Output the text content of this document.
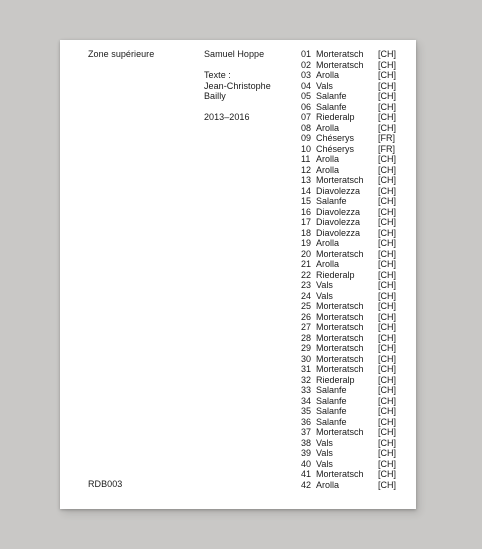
Zone supérieure	Samuel Hoppe
Texte :
Jean-Christophe
Bailly
2013–2016
01 Morteratsch [CH]
02 Morteratsch [CH]
03 Arolla	[CH]
04 Vals	[CH]
05 Salanfe	[CH]
06 Salanfe	[CH]
07 Riederalp	[CH]
08 Arolla	[CH]
09 Chéserys	[FR]
10 Chéserys	[FR]
11 Arolla	[CH]
12 Arolla	[CH]
13 Morteratsch [CH]
14 Diavolezza [CH]
15 Salanfe	[CH]
16 Diavolezza [CH]
17 Diavolezza [CH]
18 Diavolezza [CH]
19 Arolla	[CH]
20 Morteratsch [CH]
21 Arolla	[CH]
22 Riederalp	[CH]
23 Vals	[CH]
24 Vals	[CH]
25 Morteratsch [CH]
26 Morteratsch [CH]
27 Morteratsch [CH]
28 Morteratsch [CH]
29 Morteratsch [CH]
30 Morteratsch [CH]
31 Morteratsch [CH]
32 Riederalp	[CH]
33 Salanfe	[CH]
34 Salanfe	[CH]
35 Salanfe	[CH]
36 Salanfe	[CH]
37 Morteratsch [CH]
38 Vals	[CH]
39 Vals	[CH]
40 Vals	[CH]
41 Morteratsch [CH]
42 Arolla	[CH]
RDB003
